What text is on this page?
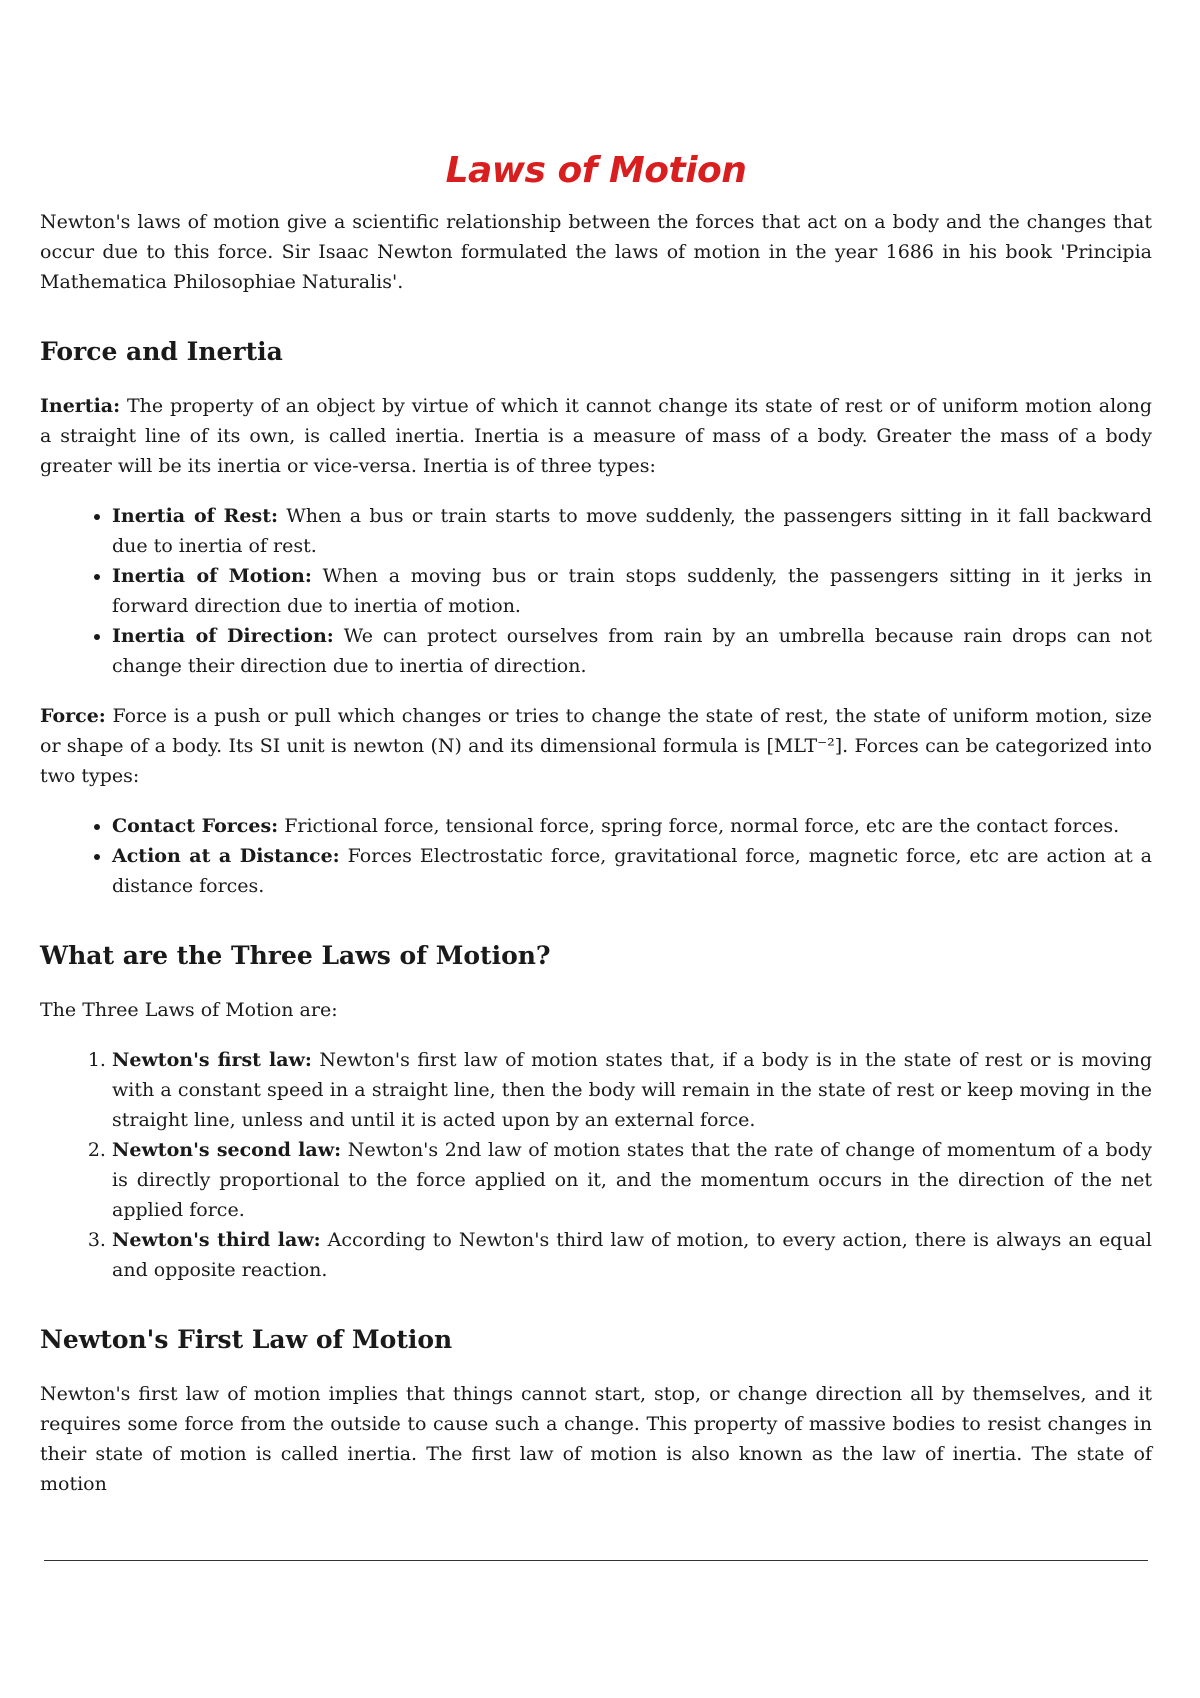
Laws of Motion

Newton's laws of motion give a scientific relationship between the forces that act on a body and the changes that occur due to this force. Sir Isaac Newton formulated the laws of motion in the year 1686 in his book 'Principia Mathematica Philosophiae Naturalis'.

Force and Inertia

Inertia: The property of an object by virtue of which it cannot change its state of rest or of uniform motion along a straight line of its own, is called inertia. Inertia is a measure of mass of a body. Greater the mass of a body greater will be its inertia or vice-versa. Inertia is of three types:

• Inertia of Rest: When a bus or train starts to move suddenly, the passengers sitting in it fall backward due to inertia of rest.
• Inertia of Motion: When a moving bus or train stops suddenly, the passengers sitting in it jerks in forward direction due to inertia of motion.
• Inertia of Direction: We can protect ourselves from rain by an umbrella because rain drops can not change their direction due to inertia of direction.

Force: Force is a push or pull which changes or tries to change the state of rest, the state of uniform motion, size or shape of a body. Its SI unit is newton (N) and its dimensional formula is [MLT⁻²]. Forces can be categorized into two types:

• Contact Forces: Frictional force, tensional force, spring force, normal force, etc are the contact forces.
• Action at a Distance: Forces Electrostatic force, gravitational force, magnetic force, etc are action at a distance forces.
What are the Three Laws of Motion?

The Three Laws of Motion are:

1. Newton's first law: Newton's first law of motion states that, if a body is in the state of rest or is moving with a constant speed in a straight line, then the body will remain in the state of rest or keep moving in the straight line, unless and until it is acted upon by an external force.
2. Newton's second law: Newton's 2nd law of motion states that the rate of change of momentum of a body is directly proportional to the force applied on it, and the momentum occurs in the direction of the net applied force.
3. Newton's third law: According to Newton's third law of motion, to every action, there is always an equal and opposite reaction.
Newton's First Law of Motion

Newton's first law of motion implies that things cannot start, stop, or change direction all by themselves, and it requires some force from the outside to cause such a change. This property of massive bodies to resist changes in their state of motion is called inertia. The first law of motion is also known as the law of inertia. The state of motion
